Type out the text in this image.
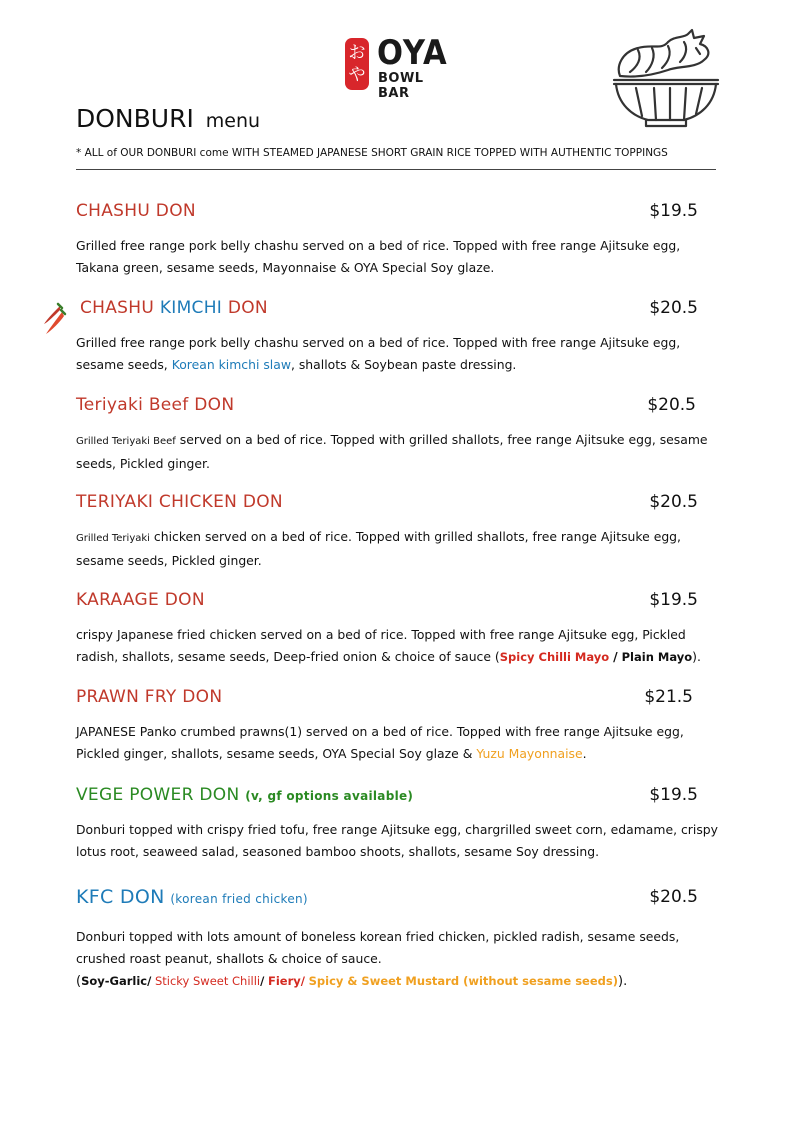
おや
OYA
BOWL BAR
DONBURI menu
* ALL of OUR DONBURI come WITH STEAMED JAPANESE SHORT GRAIN RICE TOPPED WITH AUTHENTIC TOPPINGS
CHASHU DON	$19.5
Grilled free range pork belly chashu served on a bed of rice. Topped with free range Ajitsuke egg, Takana green, sesame seeds, Mayonnaise & OYA Special Soy glaze.
CHASHU KIMCHI DON	$20.5
Grilled free range pork belly chashu served on a bed of rice. Topped with free range Ajitsuke egg, sesame seeds, Korean kimchi slaw, shallots & Soybean paste dressing.
Teriyaki Beef DON	$20.5
Grilled Teriyaki Beef served on a bed of rice. Topped with grilled shallots, free range Ajitsuke egg, sesame seeds, Pickled ginger.
TERIYAKI CHICKEN DON	$20.5
Grilled Teriyaki chicken served on a bed of rice. Topped with grilled shallots, free range Ajitsuke egg, sesame seeds, Pickled ginger.
KARAAGE DON	$19.5
crispy Japanese fried chicken served on a bed of rice. Topped with free range Ajitsuke egg, Pickled radish, shallots, sesame seeds, Deep-fried onion & choice of sauce (Spicy Chilli Mayo / Plain Mayo).
PRAWN FRY DON	$21.5
JAPANESE Panko crumbed prawns(1) served on a bed of rice. Topped with free range Ajitsuke egg, Pickled ginger, shallots, sesame seeds, OYA Special Soy glaze & Yuzu Mayonnaise.
VEGE POWER DON (v, gf options available)	$19.5
Donburi topped with crispy fried tofu, free range Ajitsuke egg, chargrilled sweet corn, edamame, crispy lotus root, seaweed salad, seasoned bamboo shoots, shallots, sesame Soy dressing.
KFC DON (korean fried chicken)	$20.5
Donburi topped with lots amount of boneless korean fried chicken, pickled radish, sesame seeds, crushed roast peanut, shallots & choice of sauce.
(Soy-Garlic/ Sticky Sweet Chilli/ Fiery/ Spicy & Sweet Mustard (without sesame seeds)).
